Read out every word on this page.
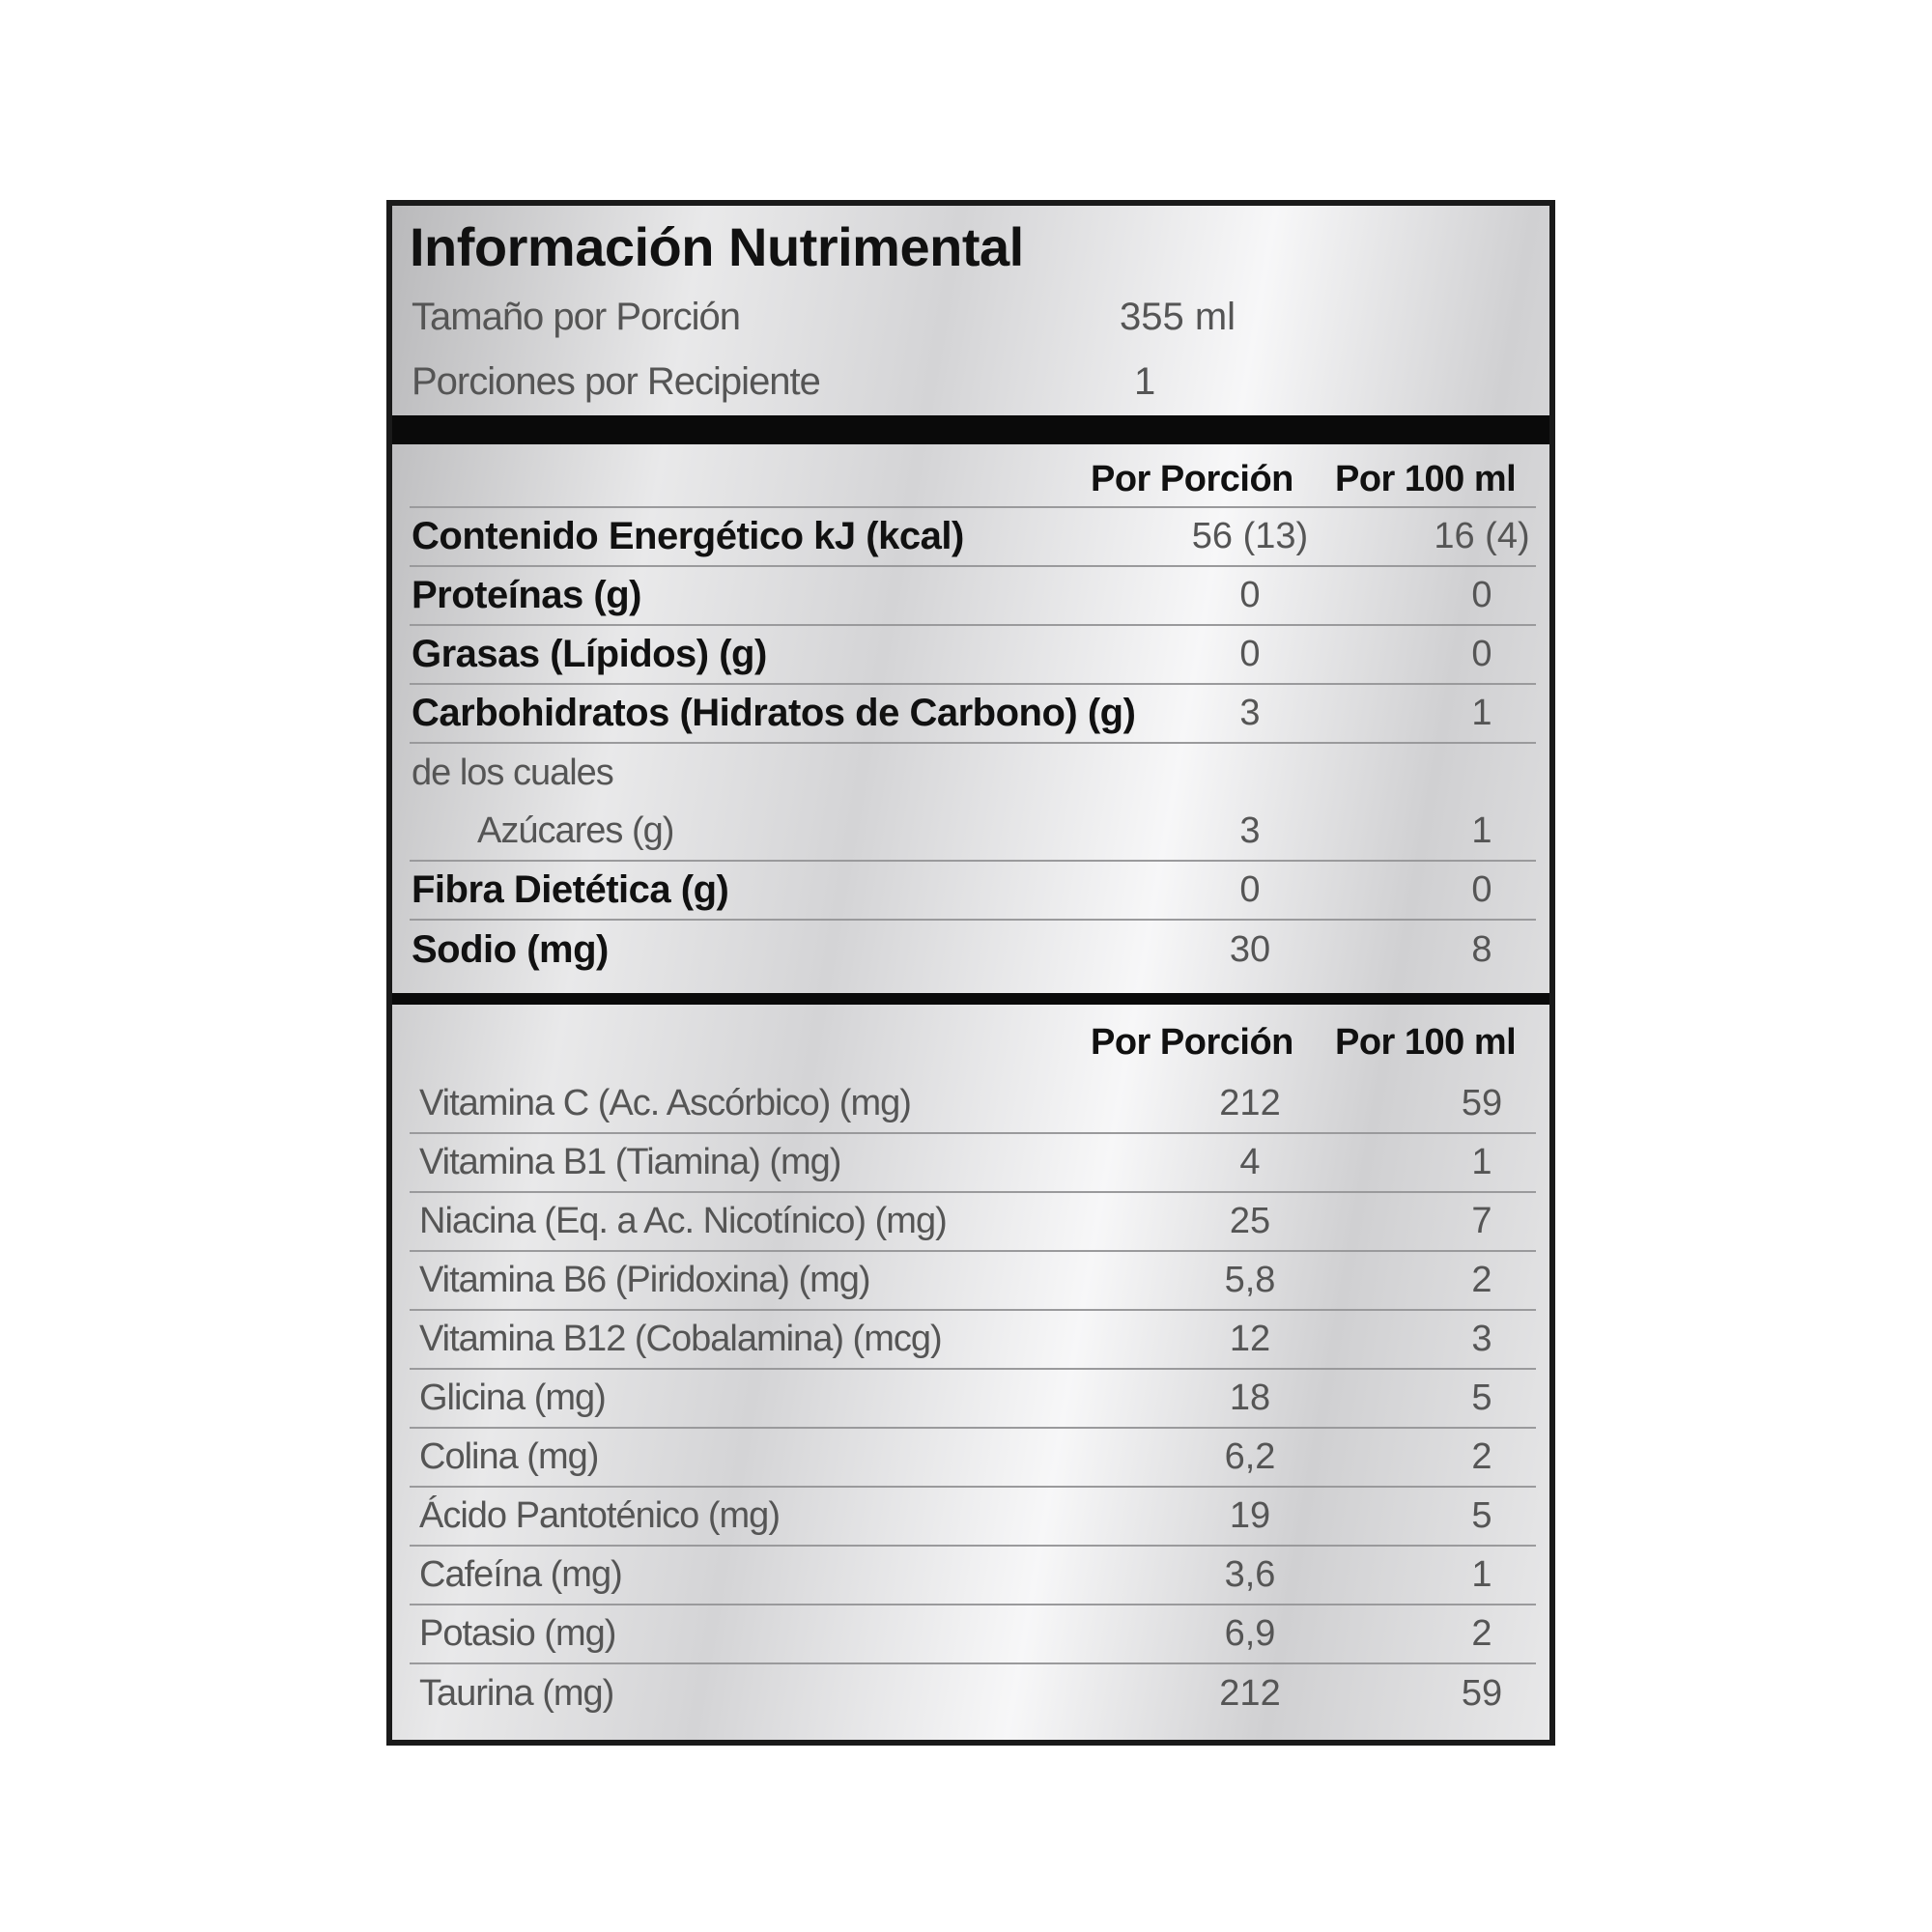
Información Nutrimental
Tamaño por Porción	355 ml
Porciones por Recipiente	1
Por Porción Por 100 ml
Contenido Energético kJ (kcal)	56 (13)	16 (4)
Proteínas (g)	0	0
Grasas (Lípidos) (g)	0	0
Carbohidratos (Hidratos de Carbono) (g)	3	1
de los cuales
Azúcares (g)	3	1
Fibra Dietética (g)	0	0
Sodio (mg)	30	8
Por Porción Por 100 ml
Vitamina C (Ac. Ascórbico) (mg)	212	59
Vitamina B1 (Tiamina) (mg)	4	1
Niacina (Eq. a Ac. Nicotínico) (mg)	25	7
Vitamina B6 (Piridoxina) (mg)	5,8	2
Vitamina B12 (Cobalamina) (mcg)	12	3
Glicina (mg)	18	5
Colina (mg)	6,2	2
Ácido Pantoténico (mg)	19	5
Cafeína (mg)	3,6	1
Potasio (mg)	6,9	2
Taurina (mg)	212	59
